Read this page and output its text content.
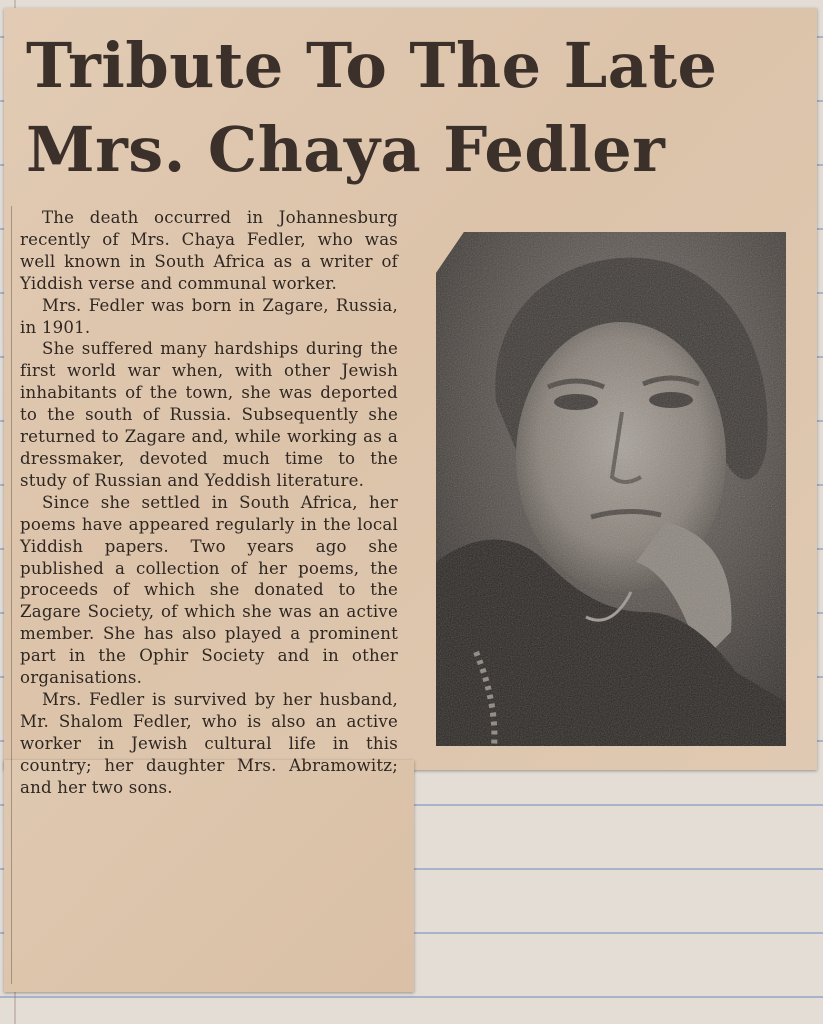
Tribute To The Late
Mrs. Chaya Fedler

The death occurred in Johannesburg recently of Mrs. Chaya Fedler, who was well known in South Africa as a writer of Yiddish verse and communal worker.

Mrs. Fedler was born in Zagare, Russia, in 1901.

She suffered many hardships during the first world war when, with other Jewish inhabitants of the town, she was deported to the south of Russia. Subsequently she returned to Zagare and, while working as a dressmaker, devoted much time to the study of Russian and Yeddish literature.

Since she settled in South Africa, her poems have appeared regularly in the local Yiddish papers. Two years ago she published a collection of her poems, the proceeds of which she donated to the Zagare Society, of which she was an active member. She has also played a prominent part in the Ophir Society and in other organisations.

Mrs. Fedler is survived by her husband, Mr. Shalom Fedler, who is also an active worker in Jewish cultural life in this country; her daughter Mrs. Abramowitz; and her two sons.
